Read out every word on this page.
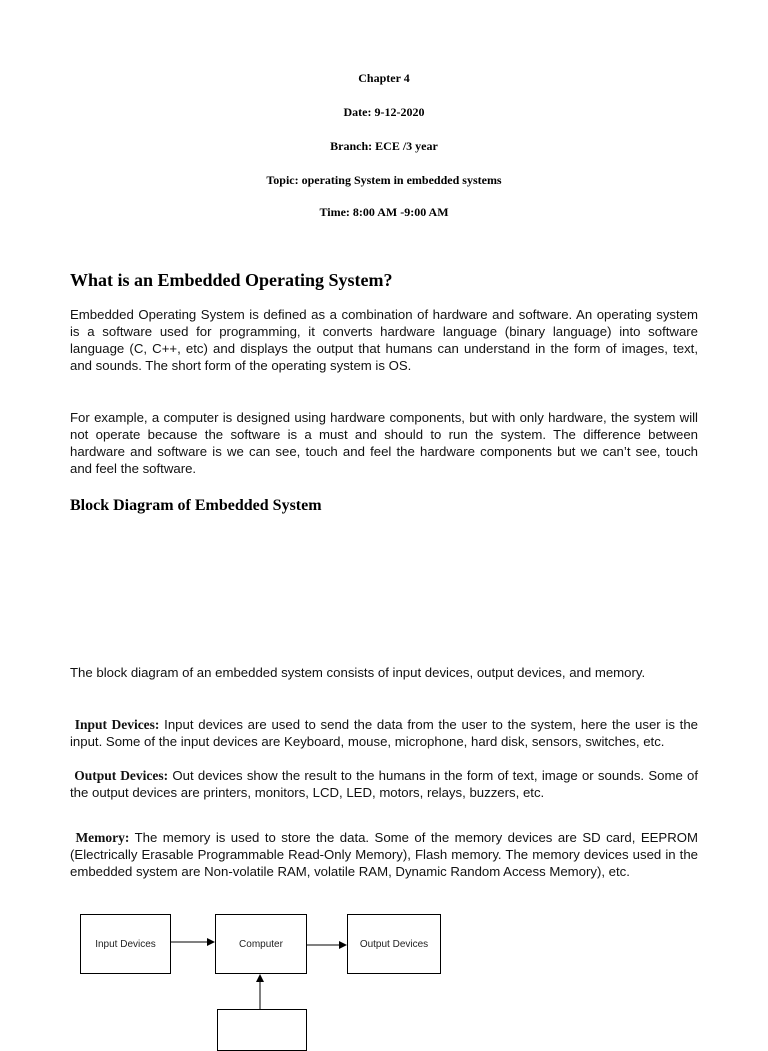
Chapter 4
Date: 9-12-2020
Branch: ECE /3 year
Topic: operating System in embedded systems
Time: 8:00 AM -9:00 AM
What is an Embedded Operating System?

Embedded Operating System is defined as a combination of hardware and software. An operating system is a software used for programming, it converts hardware language (binary language) into software language (C, C++, etc) and displays the output that humans can understand in the form of images, text, and sounds. The short form of the operating system is OS.

For example, a computer is designed using hardware components, but with only hardware, the system will not operate because the software is a must and should to run the system. The difference between hardware and software is we can see, touch and feel the hardware components but we can’t see, touch and feel the software.

Block Diagram of Embedded System

The block diagram of an embedded system consists of input devices, output devices, and memory.

Input Devices: Input devices are used to send the data from the user to the system, here the user is the input. Some of the input devices are Keyboard, mouse, microphone, hard disk, sensors, switches, etc.

Output Devices: Out devices show the result to the humans in the form of text, image or sounds. Some of the output devices are printers, monitors, LCD, LED, motors, relays, buzzers, etc.

Memory: The memory is used to store the data. Some of the memory devices are SD card, EEPROM (Electrically Erasable Programmable Read-Only Memory), Flash memory. The memory devices used in the embedded system are Non-volatile RAM, volatile RAM, Dynamic Random Access Memory), etc.

Input Devices	Computer	Output Devices
